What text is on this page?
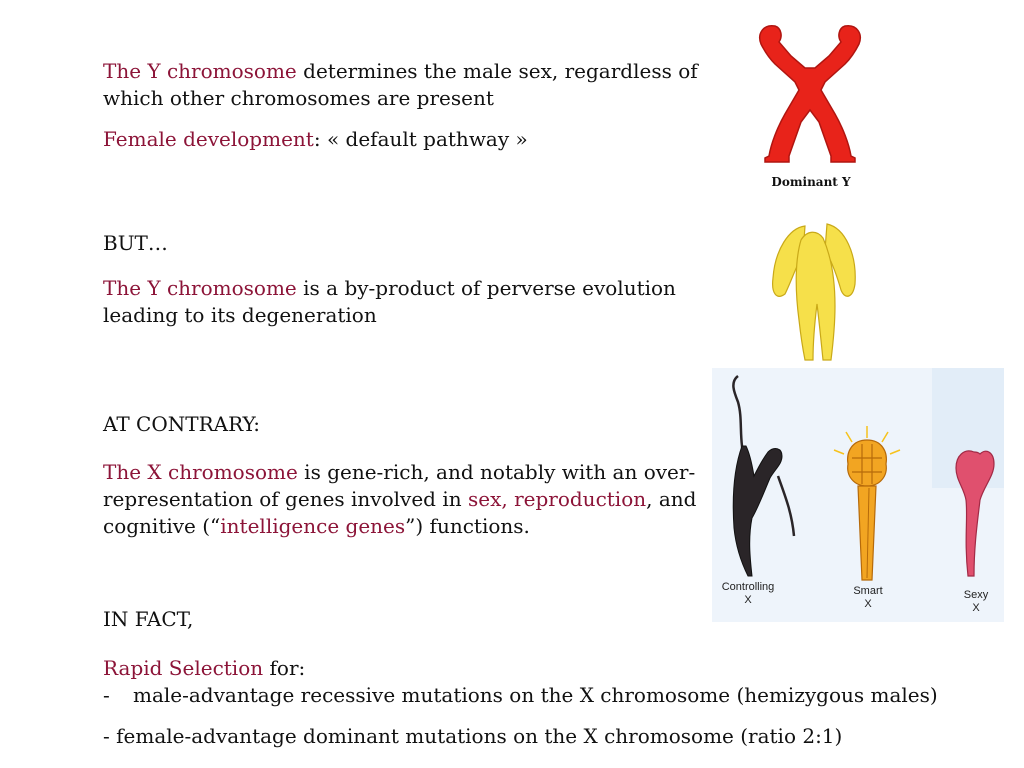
The Y chromosome determines the male sex, regardless of which other chromosomes are present

Female development: « default pathway »

BUT…

The Y chromosome is a by-product of perverse evolution leading to its degeneration

AT CONTRARY:

The X chromosome is gene-rich, and notably with an over-representation of genes involved in sex, reproduction, and cognitive (“intelligence genes”) functions.

IN FACT,

Rapid Selection for:

- male-advantage recessive mutations on the X chromosome (hemizygous males)

- female-advantage dominant mutations on the X chromosome (ratio 2:1)

Dominant Y
Controlling
X
Smart
X
Sexy
X
